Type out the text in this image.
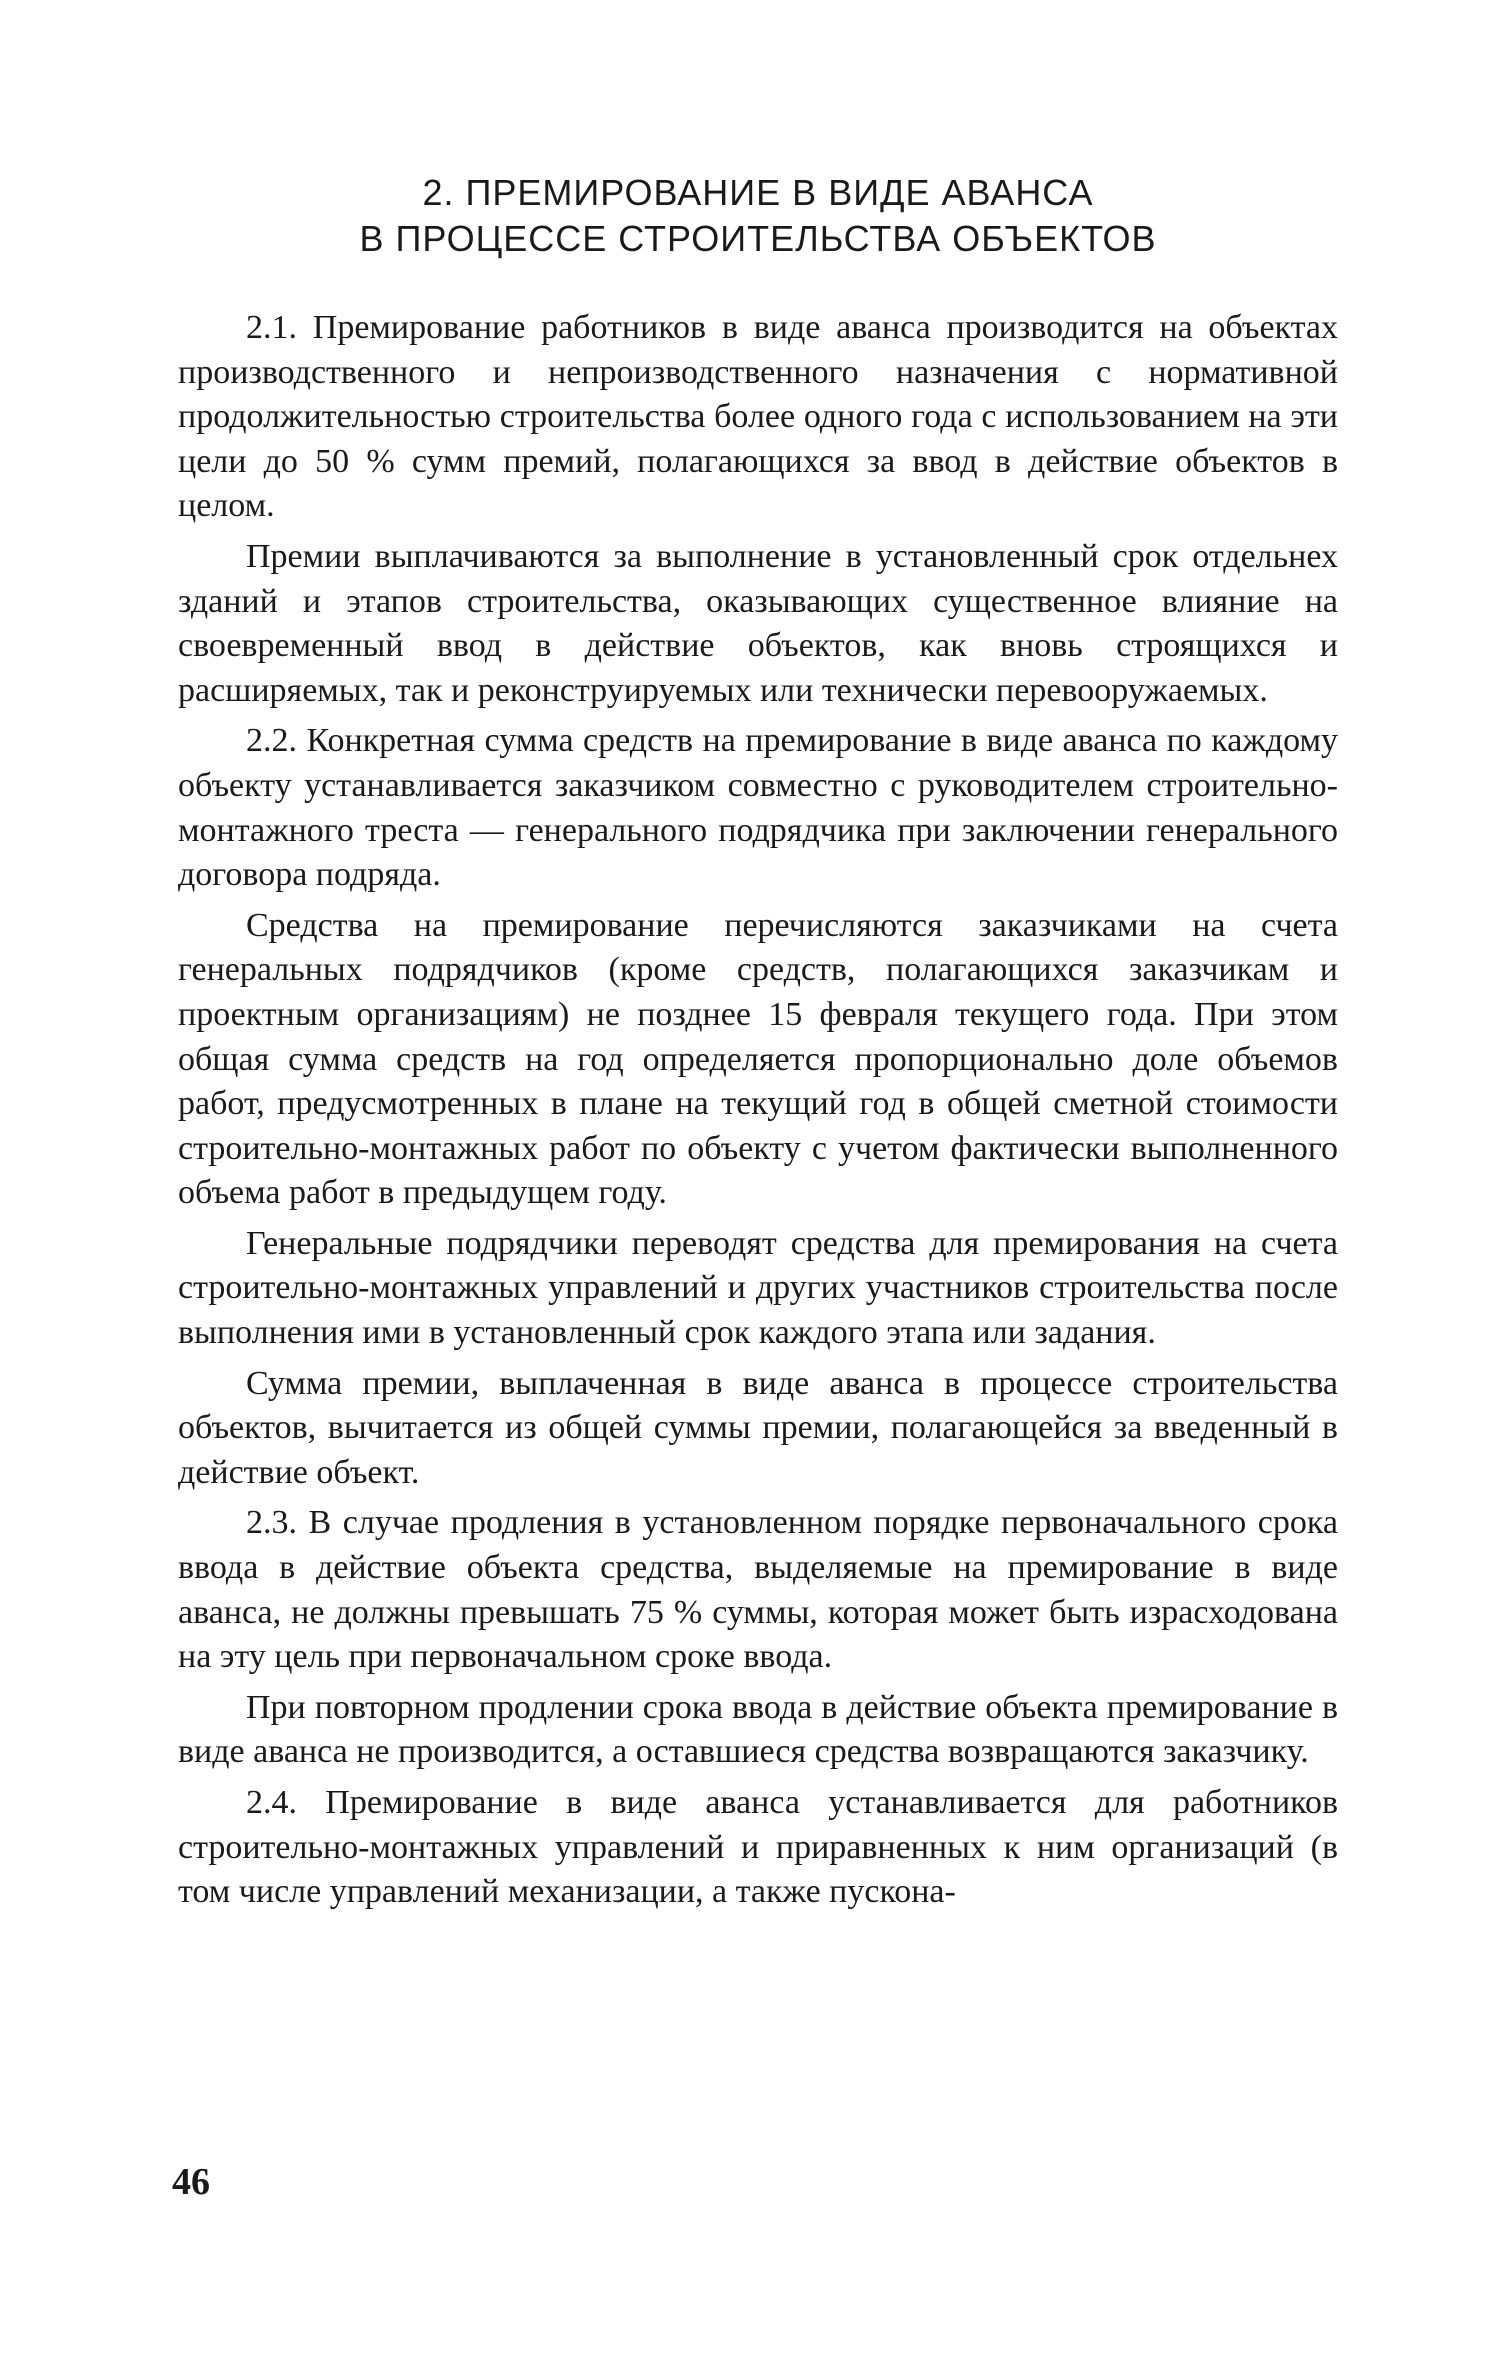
2. ПРЕМИРОВАНИЕ В ВИДЕ АВАНСА
В ПРОЦЕССЕ СТРОИТЕЛЬСТВА ОБЪЕКТОВ

2.1. Премирование работников в виде аванса производится на объектах производственного и непроизводственного назначения с нормативной продолжительностью строительства более одного года с использованием на эти цели до 50 % сумм премий, полагающихся за ввод в действие объектов в целом.

Премии выплачиваются за выполнение в установленный срок отдельнех зданий и этапов строительства, оказывающих существенное влияние на своевременный ввод в действие объектов, как вновь строящихся и расширяемых, так и реконструируемых или технически перевооружаемых.

2.2. Конкретная сумма средств на премирование в виде аванса по каждому объекту устанавливается заказчиком совместно с руководителем строительно-монтажного треста — генерального подрядчика при заключении генерального договора подряда.

Средства на премирование перечисляются заказчиками на счета генеральных подрядчиков (кроме средств, полагающихся заказчикам и проектным организациям) не позднее 15 февраля текущего года. При этом общая сумма средств на год определяется пропорционально доле объемов работ, предусмотренных в плане на текущий год в общей сметной стоимости строительно-монтажных работ по объекту с учетом фактически выполненного объема работ в предыдущем году.

Генеральные подрядчики переводят средства для премирования на счета строительно-монтажных управлений и других участников строительства после выполнения ими в установленный срок каждого этапа или задания.

Сумма премии, выплаченная в виде аванса в процессе строительства объектов, вычитается из общей суммы премии, полагающейся за введенный в действие объект.

2.3. В случае продления в установленном порядке первоначального срока ввода в действие объекта средства, выделяемые на премирование в виде аванса, не должны превышать 75 % суммы, которая может быть израсходована на эту цель при первоначальном сроке ввода.

При повторном продлении срока ввода в действие объекта премирование в виде аванса не производится, а оставшиеся средства возвращаются заказчику.

2.4. Премирование в виде аванса устанавливается для работников строительно-монтажных управлений и приравненных к ним организаций (в том числе управлений механизации, а также пускона-

46
